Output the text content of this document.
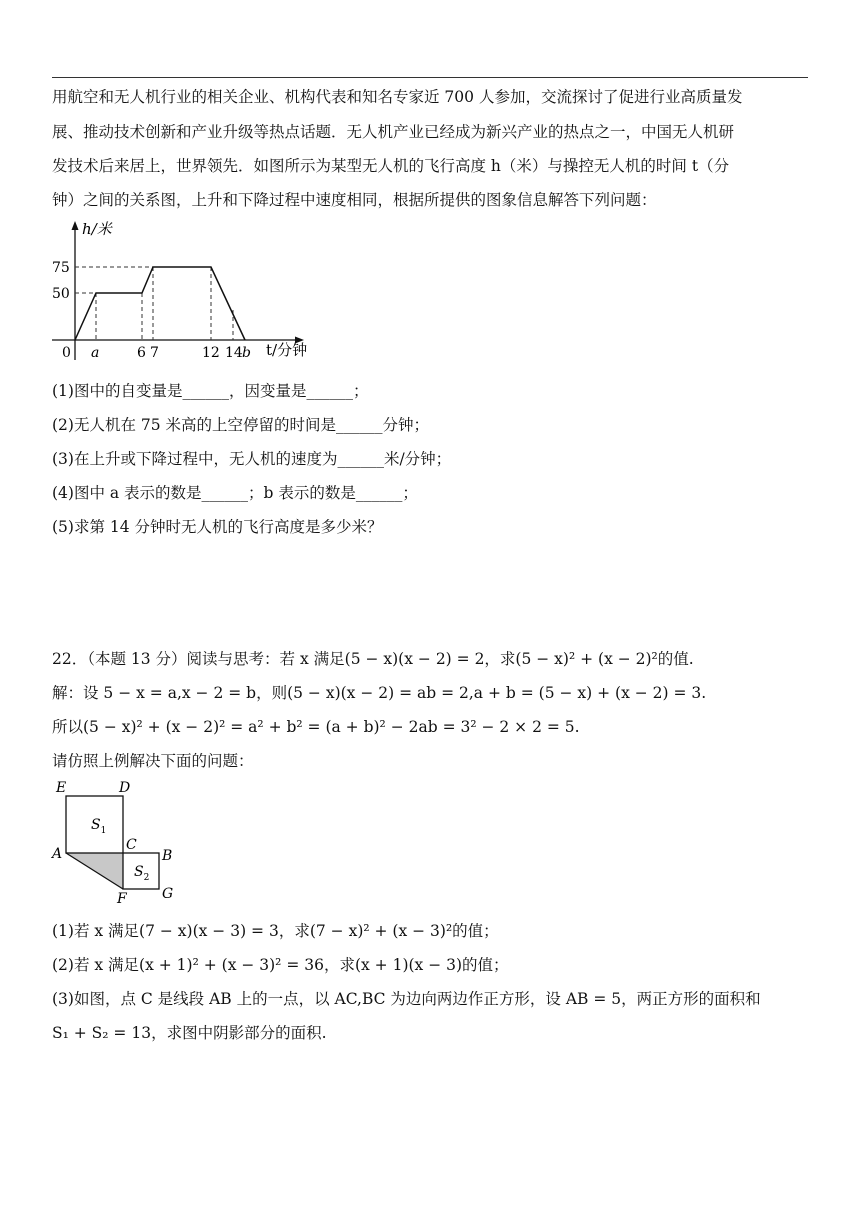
用航空和无人机行业的相关企业、机构代表和知名专家近 700 人参加，交流探讨了促进行业高质量发
展、推动技术创新和产业升级等热点话题．无人机产业已经成为新兴产业的热点之一，中国无人机研
发技术后来居上，世界领先．如图所示为某型无人机的飞行高度 h（米）与操控无人机的时间 t（分
钟）之间的关系图，上升和下降过程中速度相同，根据所提供的图象信息解答下列问题：
h/米
75
50
0 a	6 7	12 14 b t/分钟
(1)图中的自变量是______，因变量是______；
(2)无人机在 75 米高的上空停留的时间是______分钟；
(3)在上升或下降过程中，无人机的速度为______米/分钟；
(4)图中 a 表示的数是______；b 表示的数是______；
(5)求第 14 分钟时无人机的飞行高度是多少米？
22．（本题 13 分）阅读与思考：若 x 满足(5 − x)(x − 2) = 2，求(5 − x)² + (x − 2)²的值.
解：设 5 − x = a,x − 2 = b，则(5 − x)(x − 2) = ab = 2,a + b = (5 − x) + (x − 2) = 3.
所以(5 − x)² + (x − 2)² = a² + b² = (a + b)² − 2ab = 3² − 2 × 2 = 5.
请仿照上例解决下面的问题：
E	D
$S_1$
A
C
B
$S_2$
F	G
(1)若 x 满足(7 − x)(x − 3) = 3，求(7 − x)² + (x − 3)²的值；
(2)若 x 满足(x + 1)² + (x − 3)² = 36，求(x + 1)(x − 3)的值；
(3)如图，点 C 是线段 AB 上的一点，以 AC,BC 为边向两边作正方形，设 AB = 5，两正方形的面积和
S₁ + S₂ = 13，求图中阴影部分的面积.
